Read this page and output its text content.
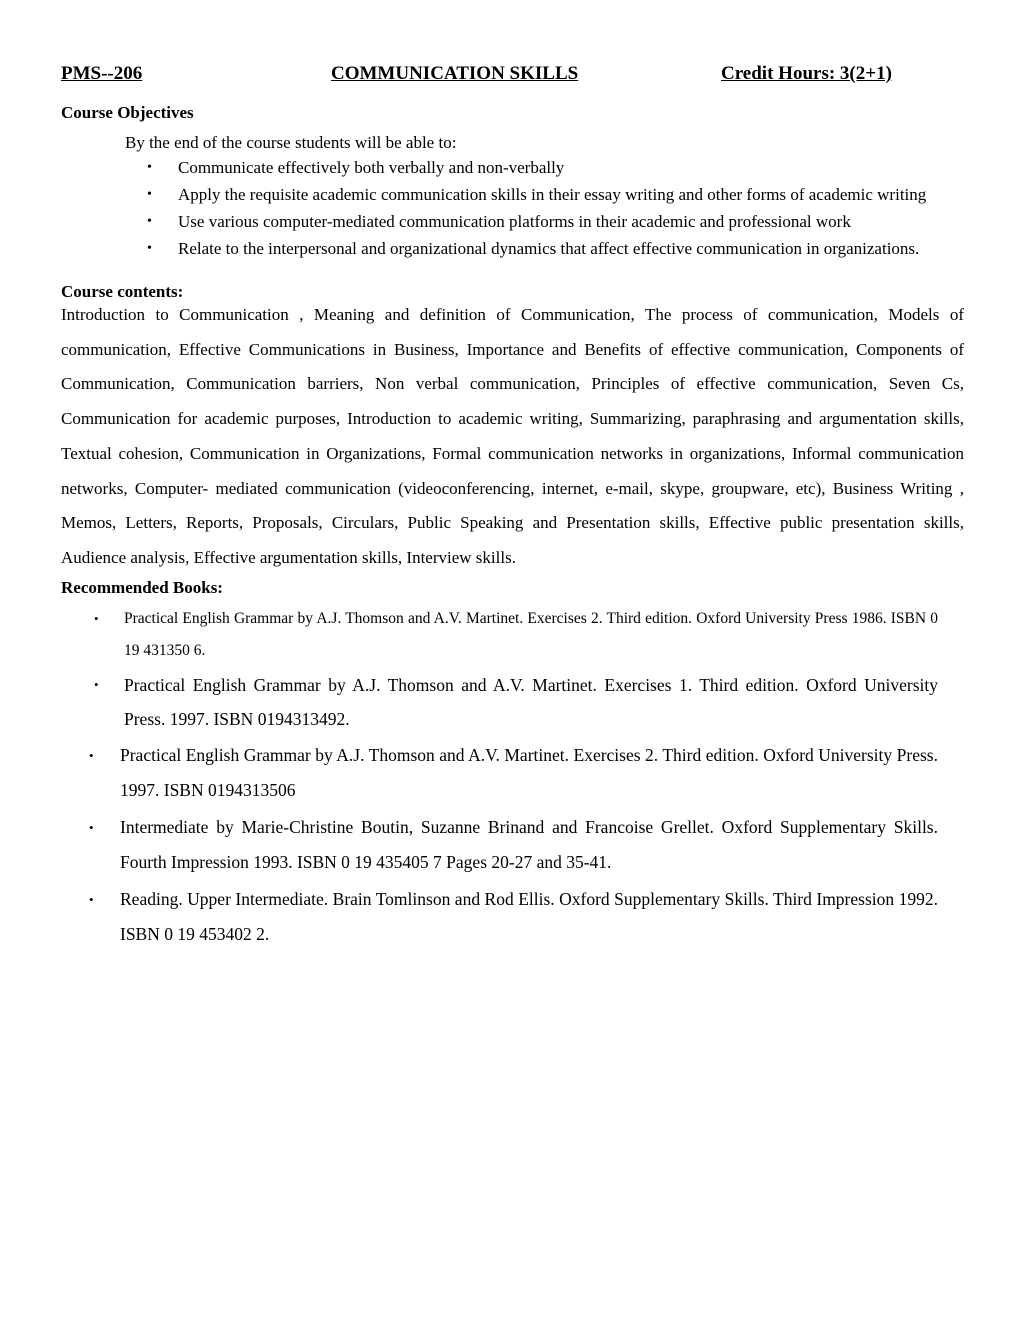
PMS--206	COMMUNICATION SKILLS	Credit Hours: 3(2+1)
Course Objectives
By the end of the course students will be able to:
• Communicate effectively both verbally and non-verbally
• Apply the requisite academic communication skills in their essay writing and other forms of academic writing
• Use various computer-mediated communication platforms in their academic and professional work
• Relate to the interpersonal and organizational dynamics that affect effective communication in organizations.
Course contents:
Introduction to Communication , Meaning and definition of Communication, The process of communication, Models of communication, Effective Communications in Business, Importance and Benefits of effective communication, Components of Communication, Communication barriers, Non verbal communication, Principles of effective communication, Seven Cs, Communication for academic purposes, Introduction to academic writing, Summarizing, paraphrasing and argumentation skills, Textual cohesion, Communication in Organizations, Formal communication networks in organizations, Informal communication networks, Computer- mediated communication (videoconferencing, internet, e-mail, skype, groupware, etc), Business Writing , Memos, Letters, Reports, Proposals, Circulars, Public Speaking and Presentation skills, Effective public presentation skills, Audience analysis, Effective argumentation skills, Interview skills.
Recommended Books:
• Practical English Grammar by A.J. Thomson and A.V. Martinet. Exercises 2. Third edition. Oxford University Press 1986. ISBN 0 19 431350 6.
• Practical English Grammar by A.J. Thomson and A.V. Martinet. Exercises 1. Third edition. Oxford University Press. 1997. ISBN 0194313492.
• Practical English Grammar by A.J. Thomson and A.V. Martinet. Exercises 2. Third edition. Oxford University Press. 1997. ISBN 0194313506
• Intermediate by Marie-Christine Boutin, Suzanne Brinand and Francoise Grellet. Oxford Supplementary Skills. Fourth Impression 1993. ISBN 0 19 435405 7 Pages 20-27 and 35-41.
• Reading. Upper Intermediate. Brain Tomlinson and Rod Ellis. Oxford Supplementary Skills. Third Impression 1992. ISBN 0 19 453402 2.
